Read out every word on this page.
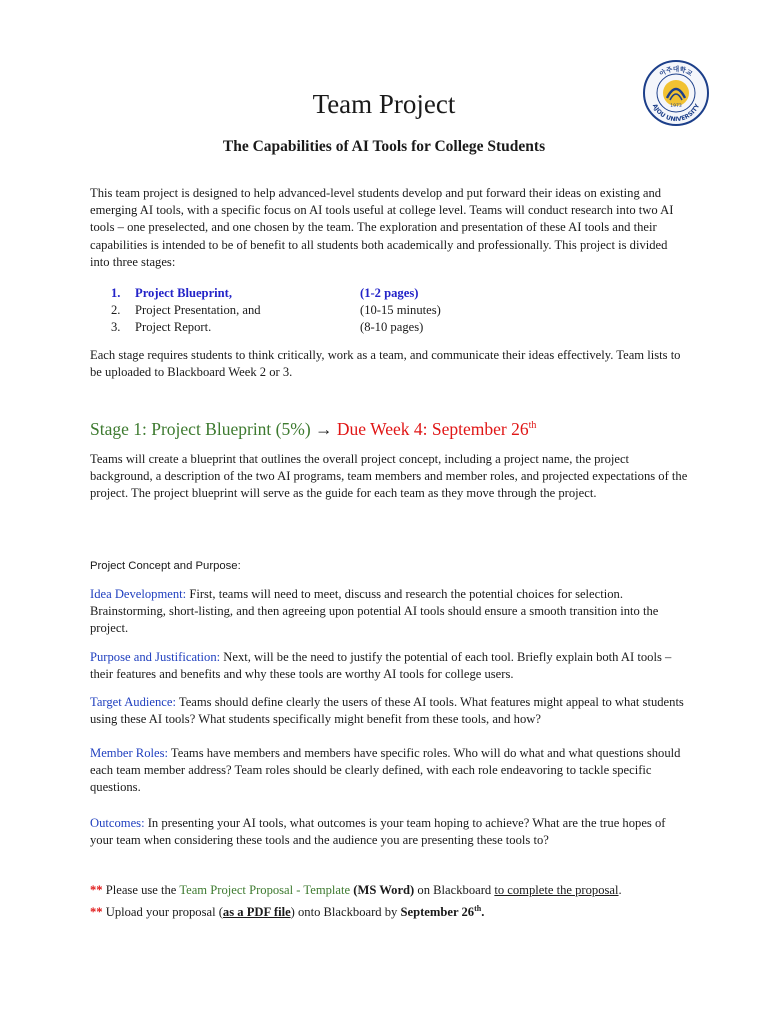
아주대학교
AJOU UNIVERSITY
1973
Team Project
The Capabilities of AI Tools for College Students

This team project is designed to help advanced-level students develop and put forward their ideas on existing and emerging AI tools, with a specific focus on AI tools useful at college level. Teams will conduct research into two AI tools – one preselected, and one chosen by the team. The exploration and presentation of these AI tools and their capabilities is intended to be of benefit to all students both academically and professionally. This project is divided into three stages:

1. Project Blueprint,	(1-2 pages)
2. Project Presentation, and	(10-15 minutes)
3. Project Report.	(8-10 pages)

Each stage requires students to think critically, work as a team, and communicate their ideas effectively. Team lists to be uploaded to Blackboard Week 2 or 3.

Stage 1: Project Blueprint (5%) → Due Week 4: September 26th

Teams will create a blueprint that outlines the overall project concept, including a project name, the project background, a description of the two AI programs, team members and member roles, and projected expectations of the project. The project blueprint will serve as the guide for each team as they move through the project.

Project Concept and Purpose:

Idea Development: First, teams will need to meet, discuss and research the potential choices for selection. Brainstorming, short-listing, and then agreeing upon potential AI tools should ensure a smooth transition into the project.

Purpose and Justification: Next, will be the need to justify the potential of each tool. Briefly explain both AI tools – their features and benefits and why these tools are worthy AI tools for college users.

Target Audience: Teams should define clearly the users of these AI tools. What features might appeal to what students using these AI tools? What students specifically might benefit from these tools, and how?

Member Roles: Teams have members and members have specific roles. Who will do what and what questions should each team member address? Team roles should be clearly defined, with each role endeavoring to tackle specific questions.

Outcomes: In presenting your AI tools, what outcomes is your team hoping to achieve? What are the true hopes of your team when considering these tools and the audience you are presenting these tools to?

** Please use the Team Project Proposal - Template (MS Word) on Blackboard to complete the proposal.

** Upload your proposal (as a PDF file) onto Blackboard by September 26th.
